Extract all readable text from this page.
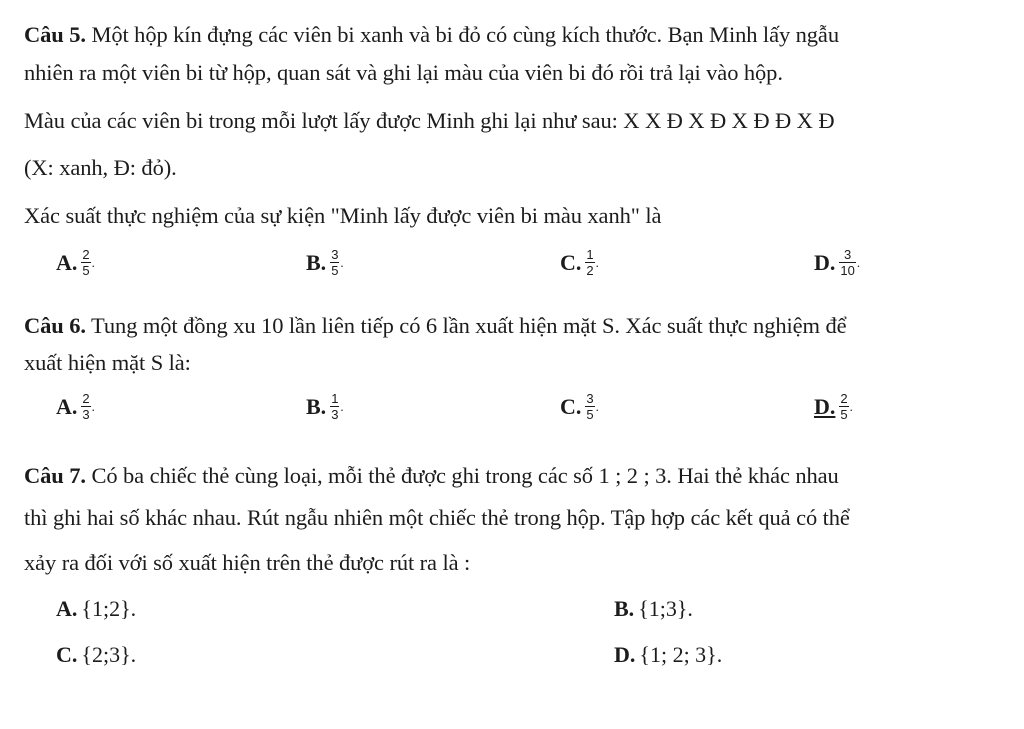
Câu 5. Một hộp kín đựng các viên bi xanh và bi đỏ có cùng kích thước. Bạn Minh lấy ngẫu
nhiên ra một viên bi từ hộp, quan sát và ghi lại màu của viên bi đó rồi trả lại vào hộp.
Màu của các viên bi trong mỗi lượt lấy được Minh ghi lại như sau: X X Đ X Đ X Đ Đ X Đ
(X: xanh, Đ: đỏ).
Xác suất thực nghiệm của sự kiện "Minh lấy được viên bi màu xanh" là
A. $\frac{2}{5}$ .	B. $\frac{3}{5}$ .	C. $\frac{1}{2}$ .	D. $\frac{3}{10}$ .
Câu 6. Tung một đồng xu 10 lần liên tiếp có 6 lần xuất hiện mặt S. Xác suất thực nghiệm để
xuất hiện mặt S là:
A. $\frac{2}{3}$ .	B. $\frac{1}{3}$ .	C. $\frac{3}{5}$ .	D. $\frac{2}{5}$ .
Câu 7. Có ba chiếc thẻ cùng loại, mỗi thẻ được ghi trong các số 1 ; 2 ; 3. Hai thẻ khác nhau
thì ghi hai số khác nhau. Rút ngẫu nhiên một chiếc thẻ trong hộp. Tập hợp các kết quả có thể
xảy ra đối với số xuất hiện trên thẻ được rút ra là :
A. {1;2}.	B. {1;3}.
C. {2;3}.	D. {1; 2; 3}.
